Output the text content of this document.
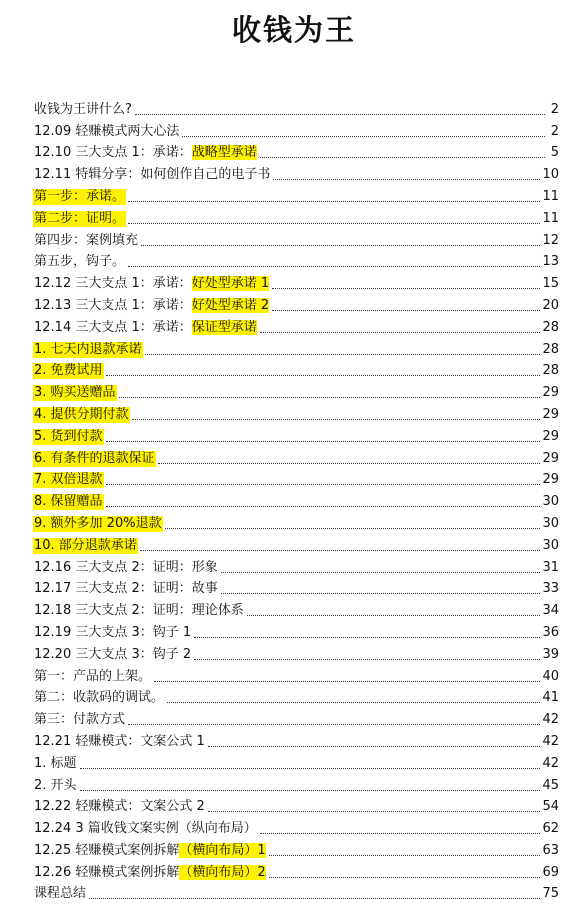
收钱为王
收钱为王讲什么?	2
12.09 轻赚模式两大心法	2
12.10 三大支点 1：承诺：战略型承诺	5
12.11 特辑分享：如何创作自己的电子书	10
第一步：承诺。	11
第二步：证明。	11
第四步：案例填充	12
第五步，钩子。	13
12.12 三大支点 1：承诺：好处型承诺 1	15
12.13 三大支点 1：承诺：好处型承诺 2	20
12.14 三大支点 1：承诺：保证型承诺	28
1. 七天内退款承诺	28
2. 免费试用	28
3. 购买送赠品	29
4. 提供分期付款	29
5. 货到付款	29
6. 有条件的退款保证	29
7. 双倍退款	29
8. 保留赠品	30
9. 额外多加 20%退款	30
10. 部分退款承诺	30
12.16 三大支点 2：证明：形象	31
12.17 三大支点 2：证明：故事	33
12.18 三大支点 2：证明：理论体系	34
12.19 三大支点 3：钩子 1	36
12.20 三大支点 3：钩子 2	39
第一：产品的上架。	40
第二：收款码的调试。	41
第三：付款方式	42
12.21 轻赚模式：文案公式 1	42
1. 标题	42
2. 开头	45
12.22 轻赚模式：文案公式 2	54
12.24 3 篇收钱文案实例（纵向布局）	62
12.25 轻赚模式案例拆解（横向布局）1	63
12.26 轻赚模式案例拆解（横向布局）2	69
课程总结	75
